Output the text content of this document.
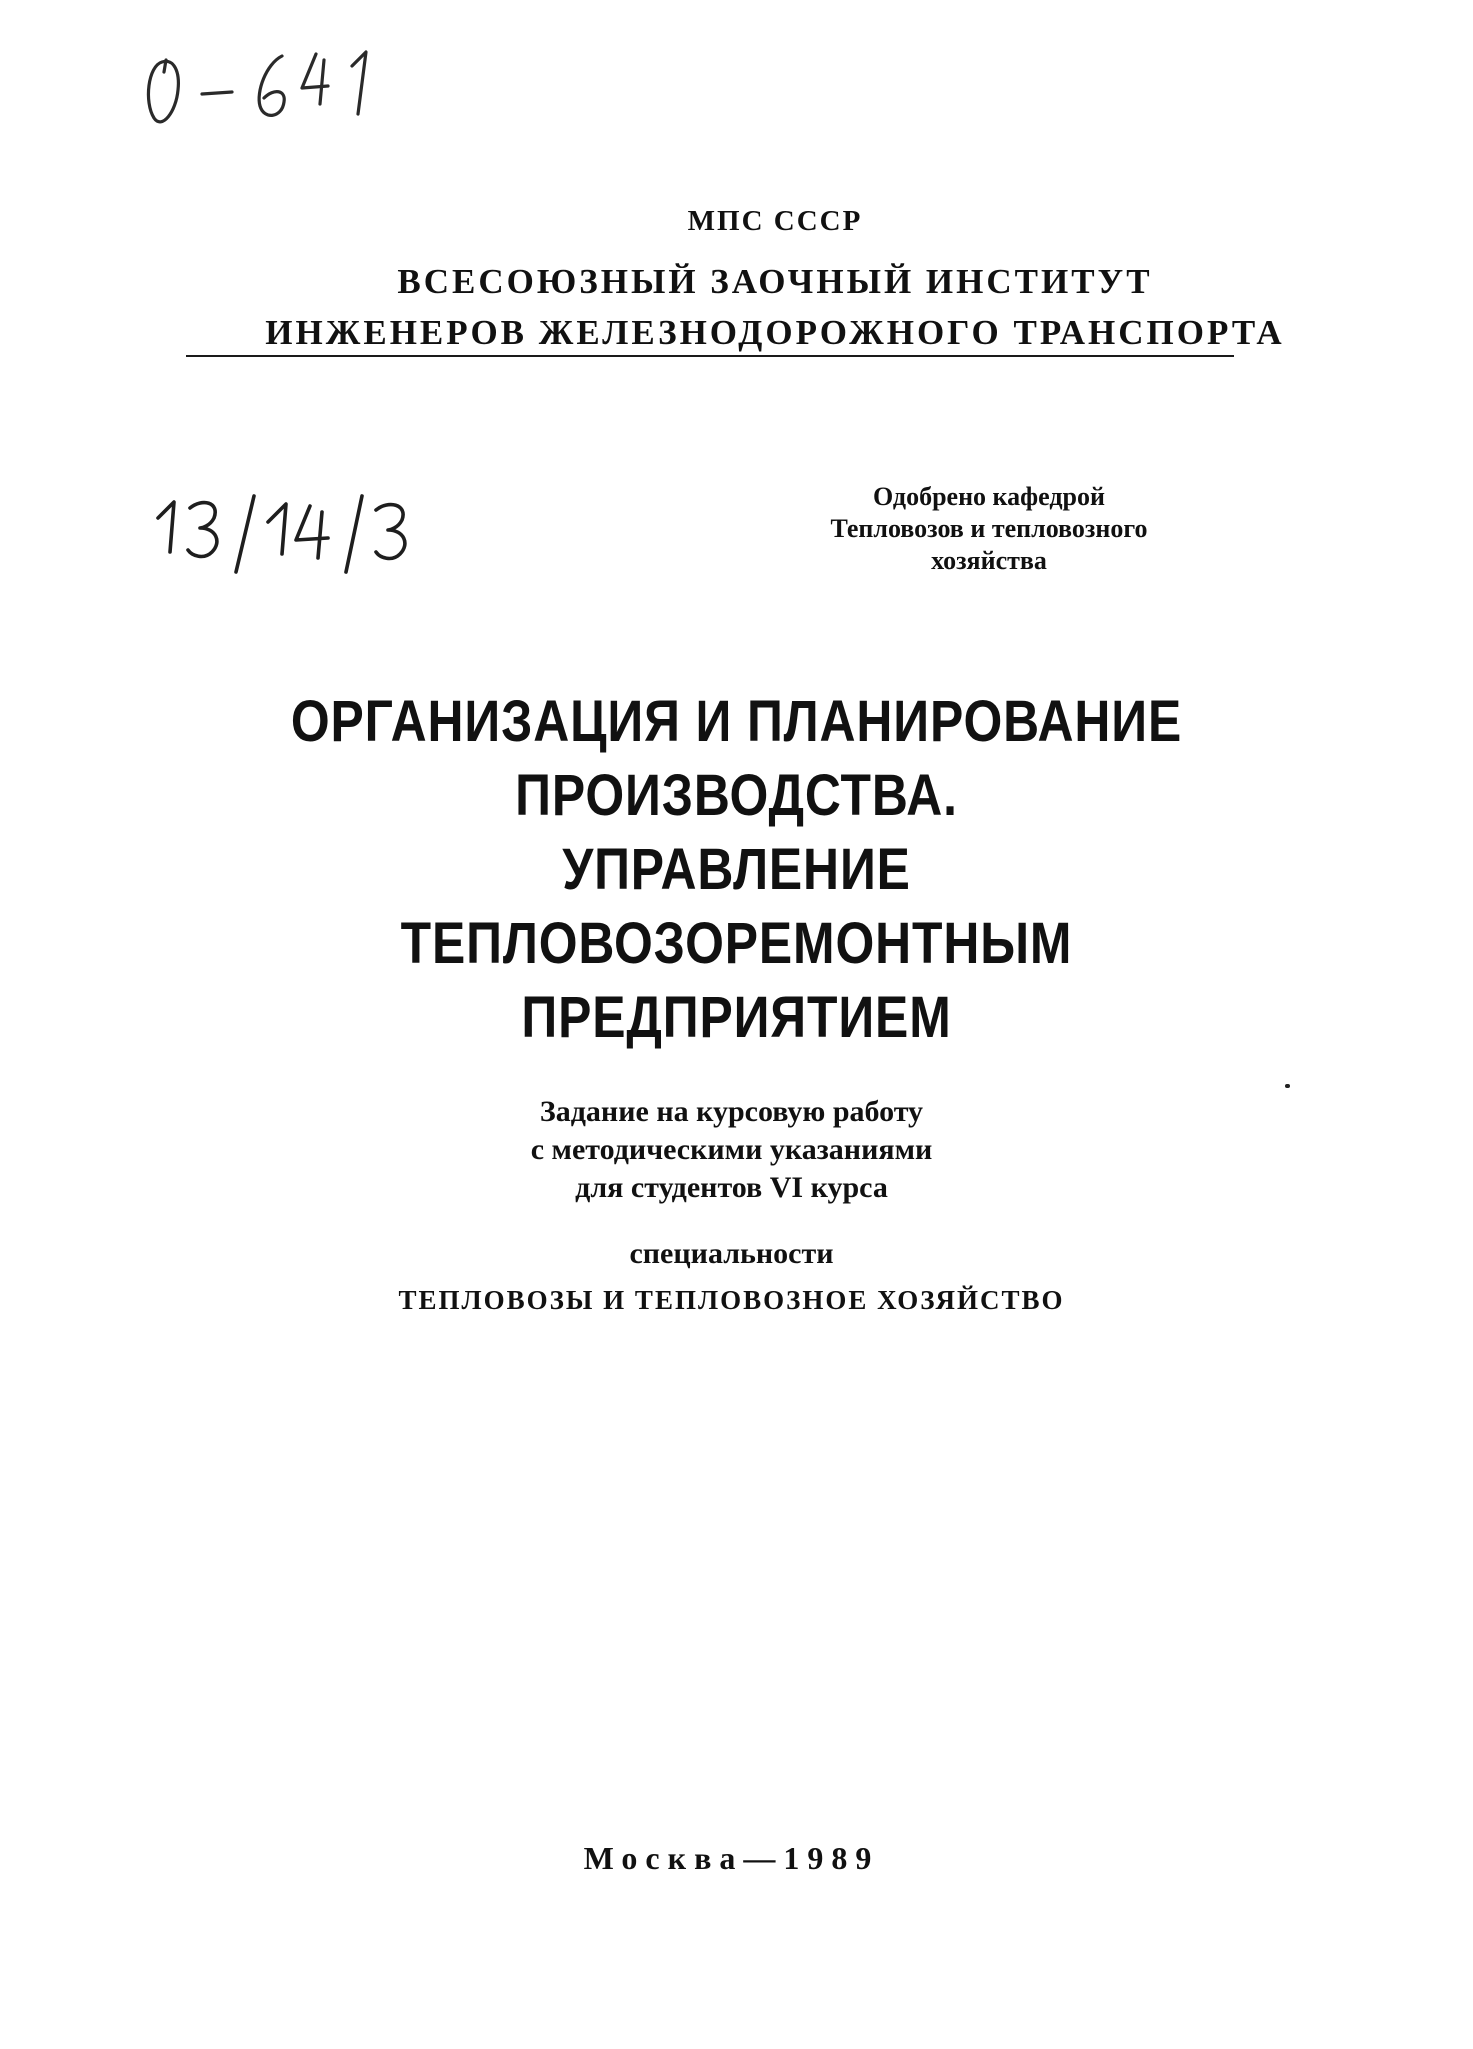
МПС СССР
ВСЕСОЮЗНЫЙ ЗАОЧНЫЙ ИНСТИТУТ
ИНЖЕНЕРОВ ЖЕЛЕЗНОДОРОЖНОГО ТРАНСПОРТА
Одобрено кафедрой
Тепловозов и тепловозного
хозяйства
ОРГАНИЗАЦИЯ И ПЛАНИРОВАНИЕ
ПРОИЗВОДСТВА.
УПРАВЛЕНИЕ
ТЕПЛОВОЗОРЕМОНТНЫМ
ПРЕДПРИЯТИЕМ
Задание на курсовую работу
с методическими указаниями
для студентов VI курса
специальности
ТЕПЛОВОЗЫ И ТЕПЛОВОЗНОЕ ХОЗЯЙСТВО
Москва—1989
